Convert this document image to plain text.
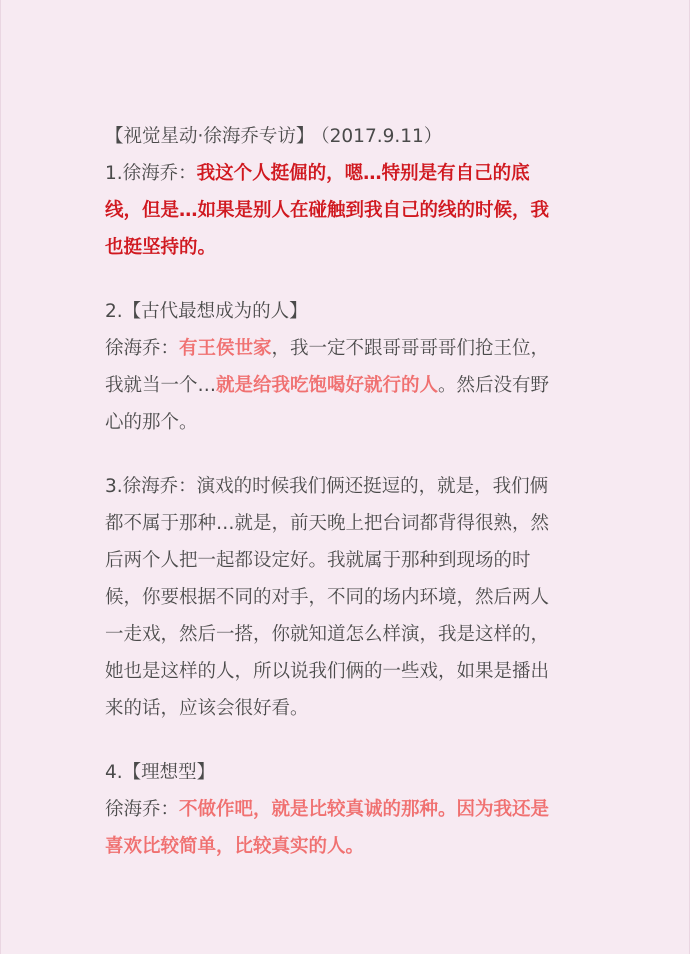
【视觉星动·徐海乔专访】 （2017.9.11）
1.徐海乔：我这个人挺倔的，嗯…特别是有自己的底
线，但是…如果是别人在碰触到我自己的线的时候，我
也挺坚持的。
2.【古代最想成为的人】
徐海乔：有王侯世家，我一定不跟哥哥哥哥们抢王位，
我就当一个…就是给我吃饱喝好就行的人。然后没有野
心的那个。
3.徐海乔：演戏的时候我们俩还挺逗的，就是，我们俩
都不属于那种…就是，前天晚上把台词都背得很熟，然
后两个人把一起都设定好。我就属于那种到现场的时
候，你要根据不同的对手，不同的场内环境，然后两人
一走戏，然后一搭，你就知道怎么样演，我是这样的，
她也是这样的人，所以说我们俩的一些戏，如果是播出
来的话，应该会很好看。
4.【理想型】
徐海乔：不做作吧，就是比较真诚的那种。因为我还是
喜欢比较简单，比较真实的人。
